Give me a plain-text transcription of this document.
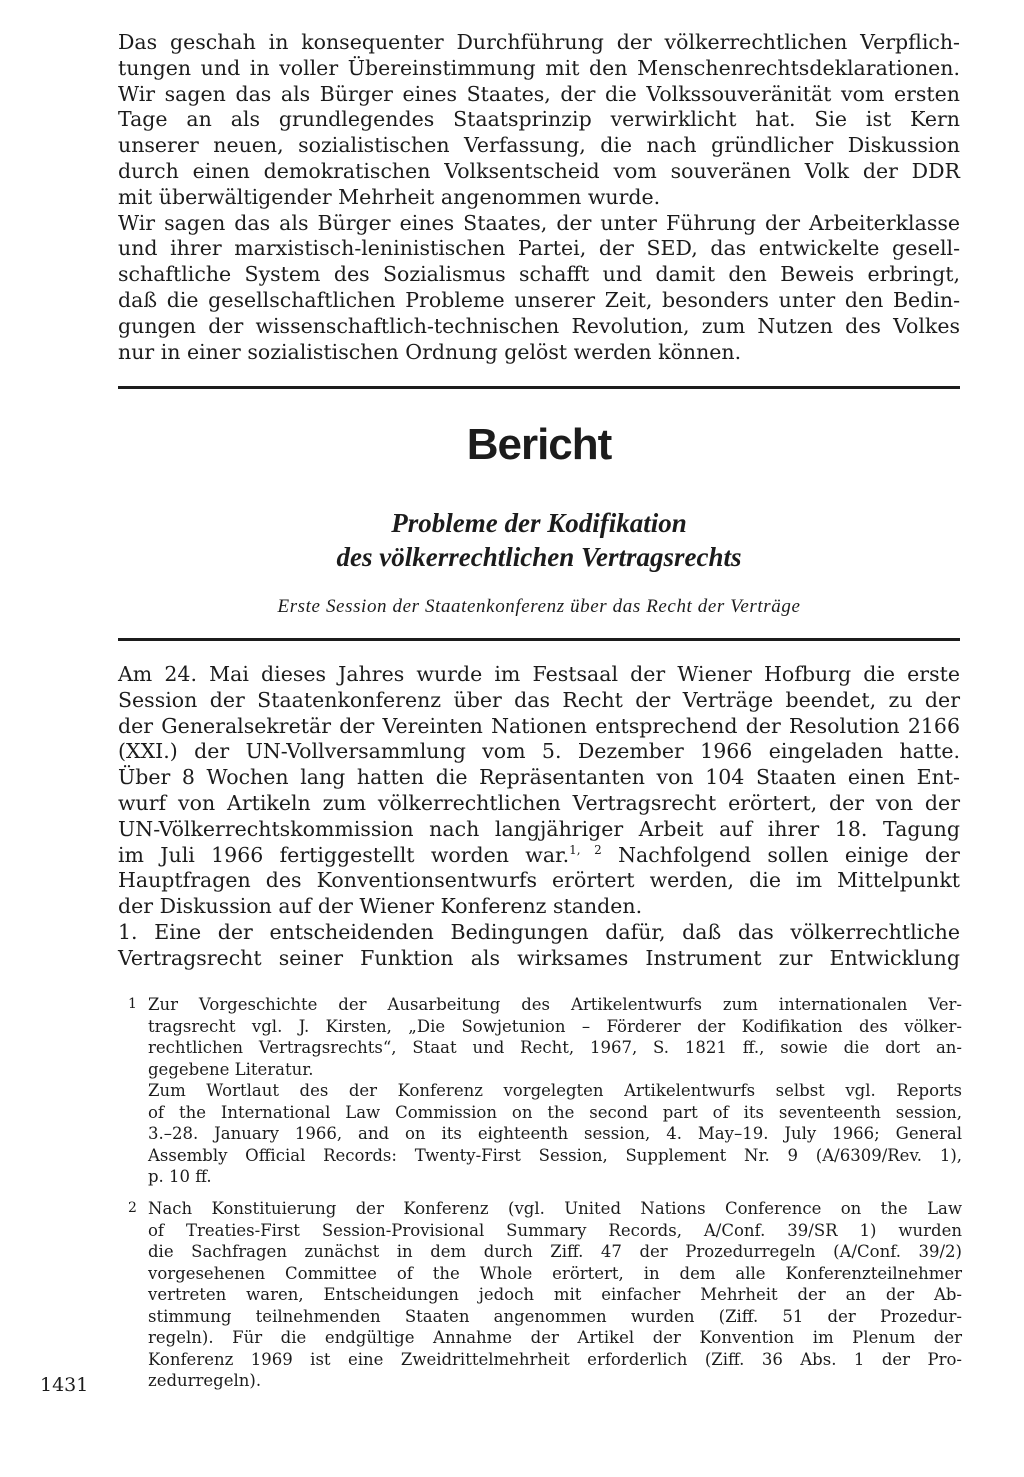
Das geschah in konsequenter Durchführung der völkerrechtlichen Verpflich-
tungen und in voller Übereinstimmung mit den Menschenrechtsdeklarationen.
Wir sagen das als Bürger eines Staates, der die Volkssouveränität vom ersten
Tage an als grundlegendes Staatsprinzip verwirklicht hat. Sie ist Kern
unserer neuen, sozialistischen Verfassung, die nach gründlicher Diskussion
durch einen demokratischen Volksentscheid vom souveränen Volk der DDR
mit überwältigender Mehrheit angenommen wurde.
Wir sagen das als Bürger eines Staates, der unter Führung der Arbeiterklasse
und ihrer marxistisch-leninistischen Partei, der SED, das entwickelte gesell-
schaftliche System des Sozialismus schafft und damit den Beweis erbringt,
daß die gesellschaftlichen Probleme unserer Zeit, besonders unter den Bedin-
gungen der wissenschaftlich-technischen Revolution, zum Nutzen des Volkes
nur in einer sozialistischen Ordnung gelöst werden können.
Bericht
Probleme der Kodifikation
des völkerrechtlichen Vertragsrechts

Erste Session der Staatenkonferenz über das Recht der Verträge

Am 24. Mai dieses Jahres wurde im Festsaal der Wiener Hofburg die erste
Session der Staatenkonferenz über das Recht der Verträge beendet, zu der
der Generalsekretär der Vereinten Nationen entsprechend der Resolution 2166
(XXI.) der UN-Vollversammlung vom 5. Dezember 1966 eingeladen hatte.
Über 8 Wochen lang hatten die Repräsentanten von 104 Staaten einen Ent-
wurf von Artikeln zum völkerrechtlichen Vertragsrecht erörtert, der von der
UN-Völkerrechtskommission nach langjähriger Arbeit auf ihrer 18. Tagung
im Juli 1966 fertiggestellt worden war.$^{1, 2}$ Nachfolgend sollen einige der
Hauptfragen des Konventionsentwurfs erörtert werden, die im Mittelpunkt
der Diskussion auf der Wiener Konferenz standen.
1. Eine der entscheidenden Bedingungen dafür, daß das völkerrechtliche
Vertragsrecht seiner Funktion als wirksames Instrument zur Entwicklung
1 Zur Vorgeschichte der Ausarbeitung des Artikelentwurfs zum internationalen Ver-
tragsrecht vgl. J. Kirsten, „Die Sowjetunion – Förderer der Kodifikation des völker-
rechtlichen Vertragsrechts“, Staat und Recht, 1967, S. 1821 ff., sowie die dort an-
gegebene Literatur.
Zum Wortlaut des der Konferenz vorgelegten Artikelentwurfs selbst vgl. Reports
of the International Law Commission on the second part of its seventeenth session,
3.–28. January 1966, and on its eighteenth session, 4. May–19. July 1966; General
Assembly Official Records: Twenty-First Session, Supplement Nr. 9 (A/6309/Rev. 1),
p. 10 ff.
2 Nach Konstituierung der Konferenz (vgl. United Nations Conference on the Law
of Treaties-First Session-Provisional Summary Records, A/Conf. 39/SR 1) wurden
die Sachfragen zunächst in dem durch Ziff. 47 der Prozedurregeln (A/Conf. 39/2)
vorgesehenen Committee of the Whole erörtert, in dem alle Konferenzteilnehmer
vertreten waren, Entscheidungen jedoch mit einfacher Mehrheit der an der Ab-
stimmung teilnehmenden Staaten angenommen wurden (Ziff. 51 der Prozedur-
regeln). Für die endgültige Annahme der Artikel der Konvention im Plenum der
Konferenz 1969 ist eine Zweidrittelmehrheit erforderlich (Ziff. 36 Abs. 1 der Pro-
zedurregeln).

1431
